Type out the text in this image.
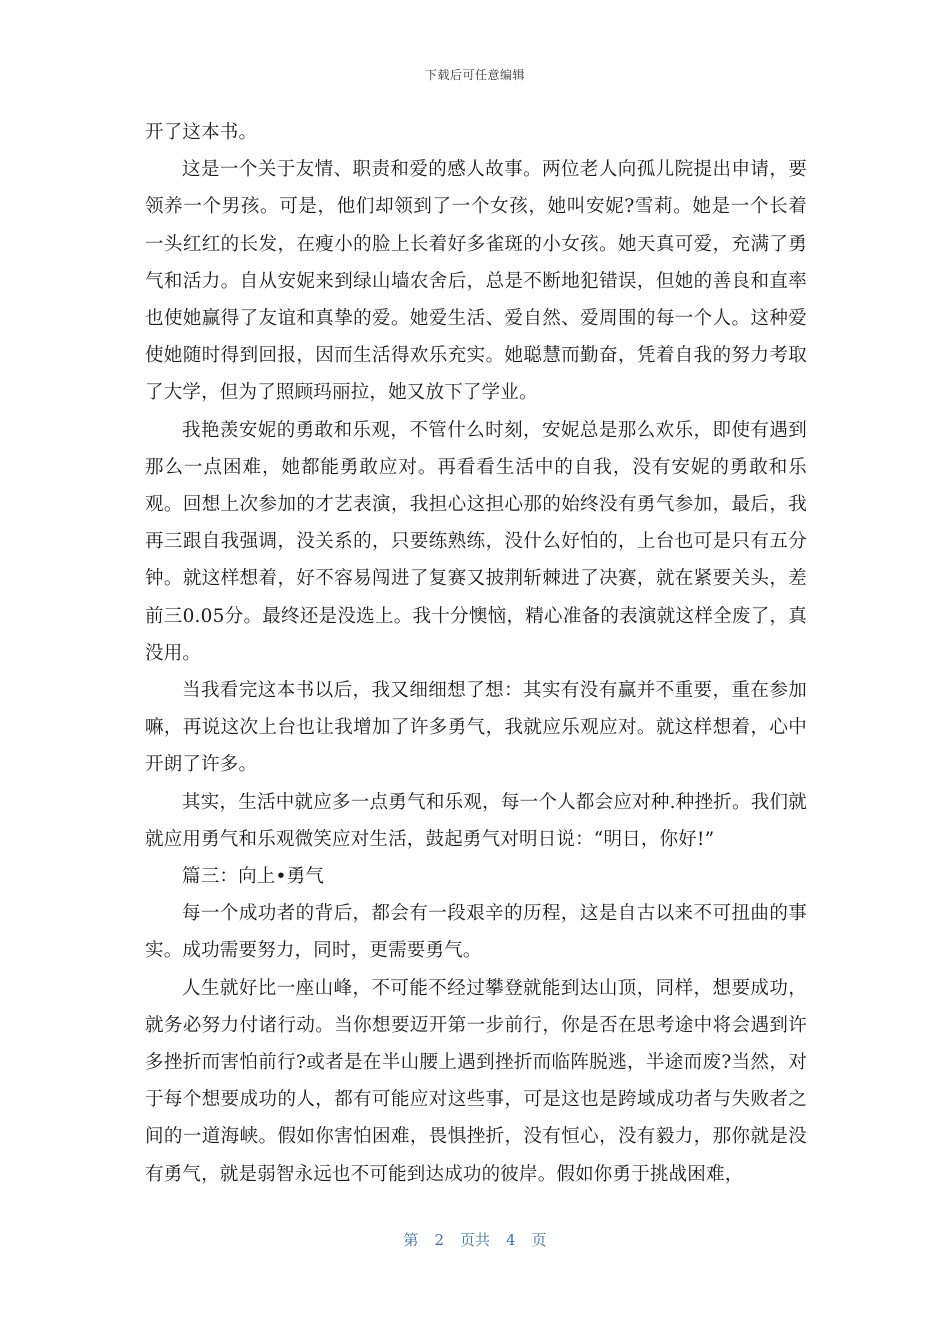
下载后可任意编辑

开了这本书。

这是一个关于友情、职责和爱的感人故事。两位老人向孤儿院提出申请，要领养一个男孩。可是，他们却领到了一个女孩，她叫安妮?雪莉。她是一个长着一头红红的长发，在瘦小的脸上长着好多雀斑的小女孩。她天真可爱，充满了勇气和活力。自从安妮来到绿山墙农舍后，总是不断地犯错误，但她的善良和直率也使她赢得了友谊和真挚的爱。她爱生活、爱自然、爱周围的每一个人。这种爱使她随时得到回报，因而生活得欢乐充实。她聪慧而勤奋，凭着自我的努力考取了大学，但为了照顾玛丽拉，她又放下了学业。

我艳羡安妮的勇敢和乐观，不管什么时刻，安妮总是那么欢乐，即使有遇到那么一点困难，她都能勇敢应对。再看看生活中的自我，没有安妮的勇敢和乐观。回想上次参加的才艺表演，我担心这担心那的始终没有勇气参加，最后，我再三跟自我强调，没关系的，只要练熟练，没什么好怕的，上台也可是只有五分钟。就这样想着，好不容易闯进了复赛又披荆斩棘进了决赛，就在紧要关头，差前三0.05分。最终还是没选上。我十分懊恼，精心准备的表演就这样全废了，真没用。

当我看完这本书以后，我又细细想了想：其实有没有赢并不重要，重在参加嘛，再说这次上台也让我增加了许多勇气，我就应乐观应对。就这样想着，心中开朗了许多。

其实，生活中就应多一点勇气和乐观，每一个人都会应对种.种挫折。我们就就应用勇气和乐观微笑应对生活，鼓起勇气对明日说：“明日，你好!”

篇三：向上•勇气

每一个成功者的背后，都会有一段艰辛的历程，这是自古以来不可扭曲的事实。成功需要努力，同时，更需要勇气。

人生就好比一座山峰，不可能不经过攀登就能到达山顶，同样，想要成功，就务必努力付诸行动。当你想要迈开第一步前行，你是否在思考途中将会遇到许多挫折而害怕前行?或者是在半山腰上遇到挫折而临阵脱逃，半途而废?当然，对于每个想要成功的人，都有可能应对这些事，可是这也是跨域成功者与失败者之间的一道海峡。假如你害怕困难，畏惧挫折，没有恒心，没有毅力，那你就是没有勇气，就是弱智永远也不可能到达成功的彼岸。假如你勇于挑战困难，

第 2 页共 4 页
